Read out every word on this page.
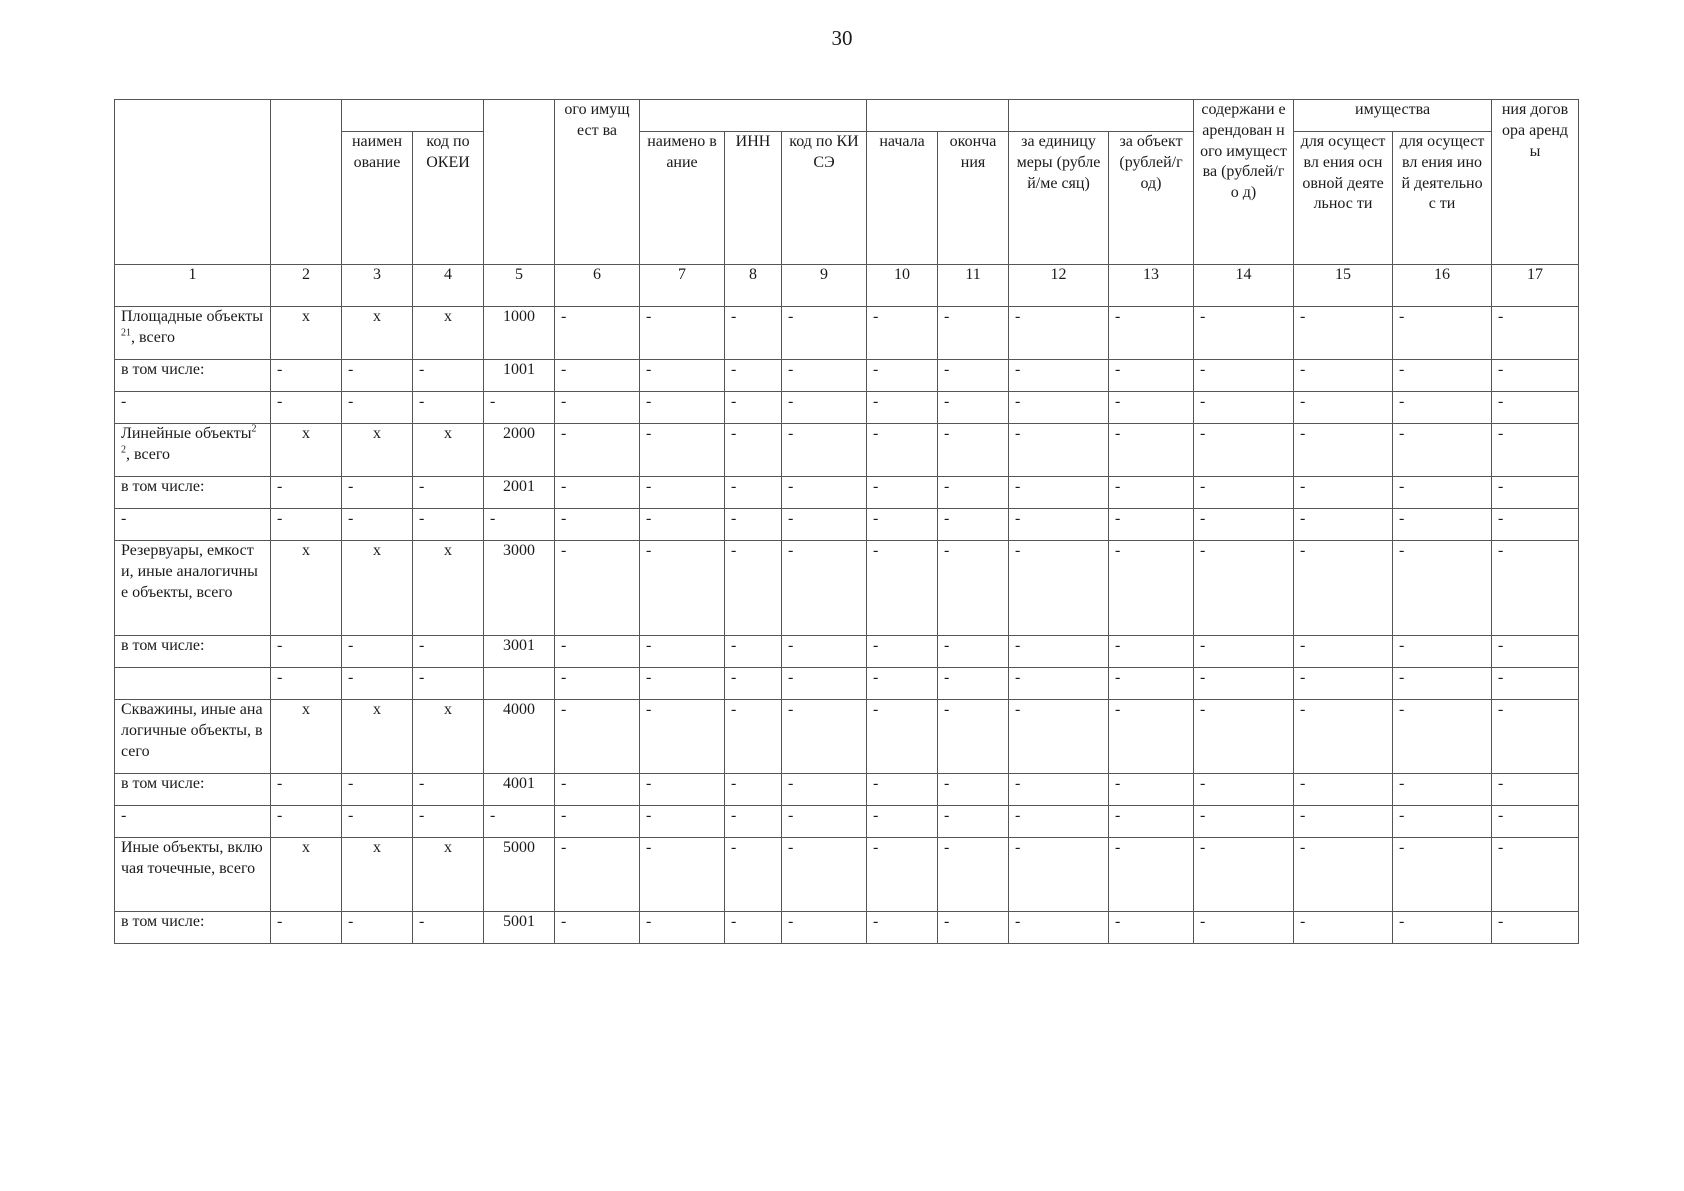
30
					ого имущест ва								содержани е арендован ного имущества (рублей/го д)	имущества		ния договора аренды
		наимен ование	код по ОКЕИ			наимено вание	ИНН	код по КИСЭ	начала	оконча ния	за единицу меры (рублей/ме сяц)	за объект (рублей/г од)		для осуществл ения основной деятельнос ти	для осуществл ения иной деятельнос ти	
1	2	3	4	5	6	7	8	9	10	11	12	13	14	15	16	17
Площадные объекты$^{21}$, всего	х	х	х	1000	-	-	-	-	-	-	-	-	-	-	-	-
в том числе:	-	-	-	1001	-	-	-	-	-	-	-	-	-	-	-	-
-	-	-	-	-	-	-	-	-	-	-	-	-	-	-	-	-
Линейные объекты$^{22}$, всего	х	х	х	2000	-	-	-	-	-	-	-	-	-	-	-	-
в том числе:	-	-	-	2001	-	-	-	-	-	-	-	-	-	-	-	-
-	-	-	-	-	-	-	-	-	-	-	-	-	-	-	-	-
Резервуары, емкости, иные аналогичные объекты, всего	х	х	х	3000	-	-	-	-	-	-	-	-	-	-	-	-
в том числе:	-	-	-	3001	-	-	-	-	-	-	-	-	-	-	-	-
	-	-	-		-	-	-	-	-	-	-	-	-	-	-	-
Скважины, иные аналогичные объекты, всего	х	х	х	4000	-	-	-	-	-	-	-	-	-	-	-	-
в том числе:	-	-	-	4001	-	-	-	-	-	-	-	-	-	-	-	-
-	-	-	-	-	-	-	-	-	-	-	-	-	-	-	-	-
Иные объекты, включая точечные, всего	х	х	х	5000	-	-	-	-	-	-	-	-	-	-	-	-
в том числе:	-	-	-	5001	-	-	-	-	-	-	-	-	-	-	-	-
